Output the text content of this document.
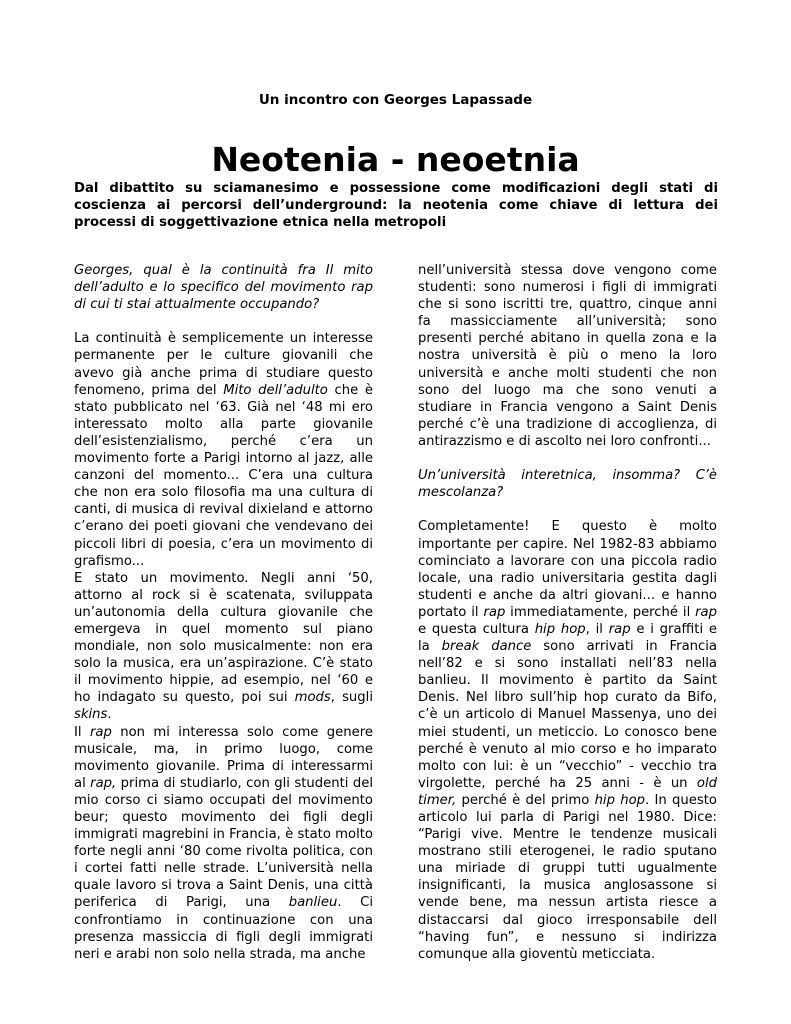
Un incontro con Georges Lapassade
Neotenia - neoetnia
Dal dibattito su sciamanesimo e possessione come modificazioni degli stati di coscienza ai percorsi dell’underground: la neotenia come chiave di lettura dei processi di soggettivazione etnica nella metropoli

Georges, qual è la continuità fra Il mito dell’adulto e lo specifico del movimento rap di cui ti stai attualmente occupando?

La continuità è semplicemente un interesse permanente per le culture giovanili che avevo già anche prima di studiare questo fenomeno, prima del Mito dell’adulto che è stato pubblicato nel ‘63. Già nel ‘48 mi ero interessato molto alla parte giovanile dell’esistenzialismo, perché c’era un movimento forte a Parigi intorno al jazz, alle canzoni del momento... C’era una cultura che non era solo filosofia ma una cultura di canti, di musica di revival dixieland e attorno c’erano dei poeti giovani che vendevano dei piccoli libri di poesia, c’era un movimento di grafismo...

E stato un movimento. Negli anni ‘50, attorno al rock si è scatenata, sviluppata un’autonomia della cultura giovanile che emergeva in quel momento sul piano mondiale, non solo musicalmente: non era solo la musica, era un’aspirazione. C’è stato il movimento hippie, ad esempio, nel ‘60 e ho indagato su questo, poi sui mods, sugli skins.

Il rap non mi interessa solo come genere musicale, ma, in primo luogo, come movimento giovanile. Prima di interessarmi al rap, prima di studiarlo, con gli studenti del mio corso ci siamo occupati del movimento beur; questo movimento dei figli degli immigrati magrebini in Francia, è stato molto forte negli anni ‘80 come rivolta politica, con i cortei fatti nelle strade. L’università nella quale lavoro si trova a Saint Denis, una città periferica di Parigi, una banlieu. Ci confrontiamo in continuazione con una presenza massiccia di figli degli immigrati neri e arabi non solo nella strada, ma anche

nell’università stessa dove vengono come studenti: sono numerosi i figli di immigrati che si sono iscritti tre, quattro, cinque anni fa massicciamente all’università; sono presenti perché abitano in quella zona e la nostra università è più o meno la loro università e anche molti studenti che non sono del luogo ma che sono venuti a studiare in Francia vengono a Saint Denis perché c’è una tradizione di accoglienza, di antirazzismo e di ascolto nei loro confronti...

Un’università interetnica, insomma? C’è mescolanza?

Completamente! E questo è molto importante per capire. Nel 1982-83 abbiamo cominciato a lavorare con una piccola radio locale, una radio universitaria gestita dagli studenti e anche da altri giovani... e hanno portato il rap immediatamente, perché il rap e questa cultura hip hop, il rap e i graffiti e la break dance sono arrivati in Francia nell’82 e si sono installati nell’83 nella banlieu. Il movimento è partito da Saint Denis. Nel libro sull’hip hop curato da Bifo, c’è un articolo di Manuel Massenya, uno dei miei studenti, un meticcio. Lo conosco bene perché è venuto al mio corso e ho imparato molto con lui: è un “vecchio” - vecchio tra virgolette, perché ha 25 anni - è un old timer, perché è del primo hip hop. In questo articolo lui parla di Parigi nel 1980. Dice: “Parigi vive. Mentre le tendenze musicali mostrano stili eterogenei, le radio sputano una miriade di gruppi tutti ugualmente insignificanti, la musica anglosassone si vende bene, ma nessun artista riesce a distaccarsi dal gioco irresponsabile dell “having fun”, e nessuno si indirizza comunque alla gioventù meticciata.
